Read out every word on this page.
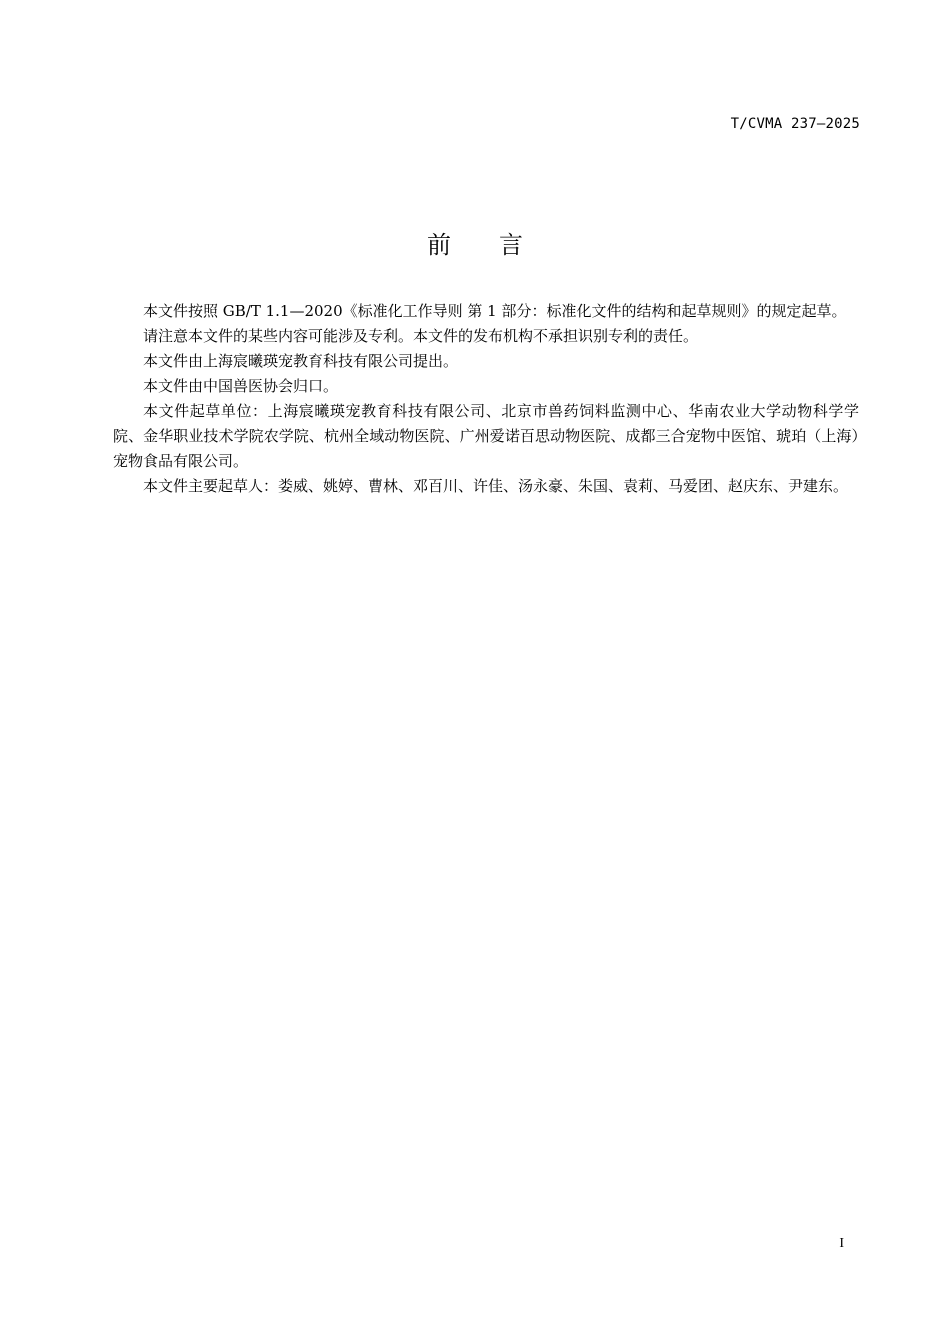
T/CVMA 237—2025
前 言

本文件按照 GB/T 1.1—2020《标准化工作导则 第 1 部分：标准化文件的结构和起草规则》的规定起草。

请注意本文件的某些内容可能涉及专利。本文件的发布机构不承担识别专利的责任。

本文件由上海宸曦瑛宠教育科技有限公司提出。

本文件由中国兽医协会归口。

本文件起草单位：上海宸曦瑛宠教育科技有限公司、北京市兽药饲料监测中心、华南农业大学动物科学学院、金华职业技术学院农学院、杭州全域动物医院、广州爱诺百思动物医院、成都三合宠物中医馆、琥珀（上海）宠物食品有限公司。

本文件主要起草人：娄威、姚婷、曹林、邓百川、许佳、汤永豪、朱国、袁莉、马爱团、赵庆东、尹建东。

I
